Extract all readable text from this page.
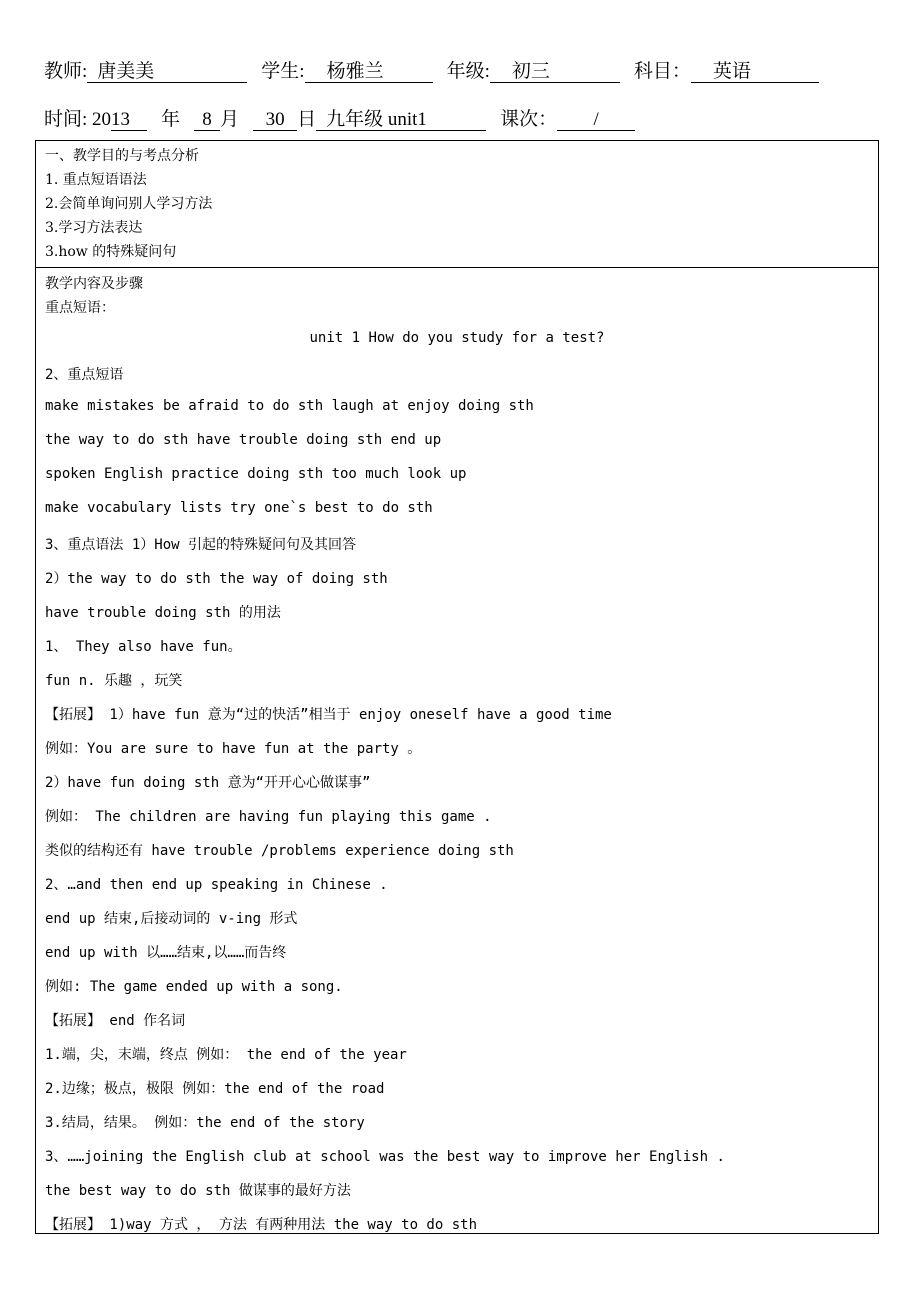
教师: 唐美美	学生: 杨雅兰	年级: 初三	科目： 英语
时间: 2013 年 8 月 30 日 九年级 unit1	课次： /
一、教学目的与考点分析
1. 重点短语语法
2.会简单询问别人学习方法
3.学习方法表达
3.how 的特殊疑问句
教学内容及步骤
重点短语：
unit 1 How do you study for a test?
2、重点短语
make mistakes be afraid to do sth laugh at enjoy doing sth
the way to do sth have trouble doing sth end up
spoken English practice doing sth too much look up
make vocabulary lists try one`s best to do sth
3、重点语法 1）How 引起的特殊疑问句及其回答
2）the way to do sth the way of doing sth
have trouble doing sth 的用法
1、 They also have fun。
fun n. 乐趣 ，玩笑
【拓展】 1）have fun 意为“过的快活”相当于 enjoy oneself have a good time
例如：You are sure to have fun at the party 。
2）have fun doing sth 意为“开开心心做谋事”
例如： The children are having fun playing this game .
类似的结构还有 have trouble /problems experience doing sth
2、…and then end up speaking in Chinese .
end up 结束,后接动词的 v-ing 形式
end up with 以……结束,以……而告终
例如: The game ended up with a song.
【拓展】 end 作名词
1.端，尖，末端，终点 例如： the end of the year
2.边缘；极点，极限 例如：the end of the road
3.结局，结果。 例如：the end of the story
3、……joining the English club at school was the best way to improve her English .
the best way to do sth 做谋事的最好方法
【拓展】 1)way 方式 ， 方法 有两种用法 the way to do sth
